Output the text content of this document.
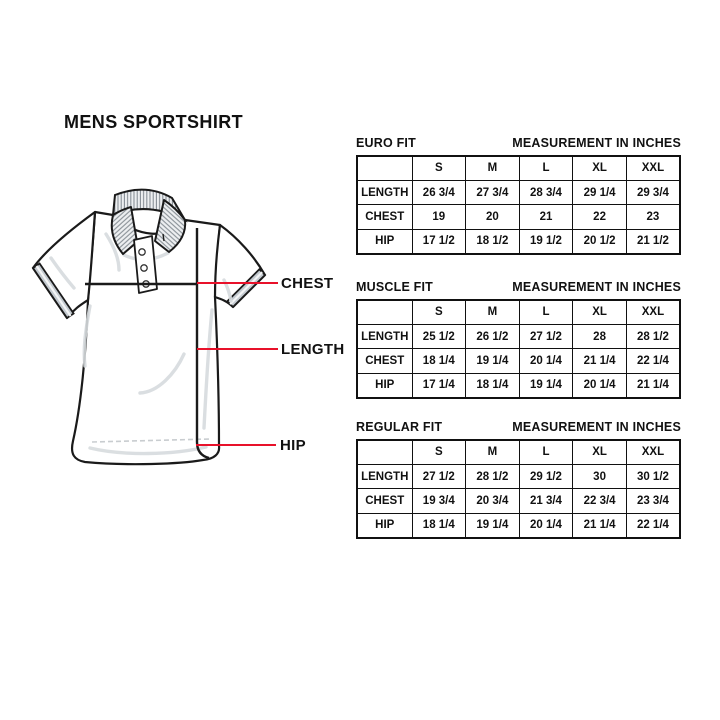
MENS SPORTSHIRT
CHEST
LENGTH
HIP
EURO FIT	MEASUREMENT IN INCHES
	S	M	L	XL	XXL
LENGTH	26 3/4	27 3/4	28 3/4	29 1/4	29 3/4
CHEST	19	20	21	22	23
HIP	17 1/2	18 1/2	19 1/2	20 1/2	21 1/2
MUSCLE FIT	MEASUREMENT IN INCHES
	S	M	L	XL	XXL
LENGTH	25 1/2	26 1/2	27 1/2	28	28 1/2
CHEST	18 1/4	19 1/4	20 1/4	21 1/4	22 1/4
HIP	17 1/4	18 1/4	19 1/4	20 1/4	21 1/4
REGULAR FIT	MEASUREMENT IN INCHES
	S	M	L	XL	XXL
LENGTH	27 1/2	28 1/2	29 1/2	30	30 1/2
CHEST	19 3/4	20 3/4	21 3/4	22 3/4	23 3/4
HIP	18 1/4	19 1/4	20 1/4	21 1/4	22 1/4
